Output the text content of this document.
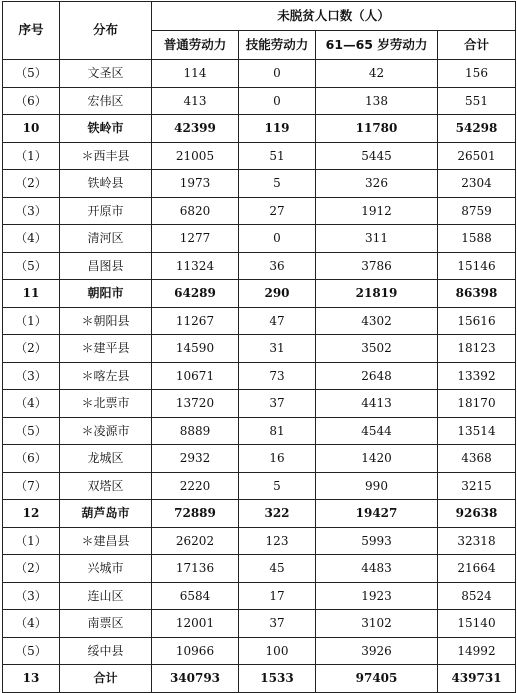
序号	分布	未脱贫人口数（人）			
		普通劳动力	技能劳动力	61—65 岁劳动力	合计
（5）	文圣区	114	0	42	156
（6）	宏伟区	413	0	138	551
10	铁岭市	42399	119	11780	54298
（1）	＊西丰县	21005	51	5445	26501
（2）	铁岭县	1973	5	326	2304
（3）	开原市	6820	27	1912	8759
（4）	清河区	1277	0	311	1588
（5）	昌图县	11324	36	3786	15146
11	朝阳市	64289	290	21819	86398
（1）	＊朝阳县	11267	47	4302	15616
（2）	＊建平县	14590	31	3502	18123
（3）	＊喀左县	10671	73	2648	13392
（4）	＊北票市	13720	37	4413	18170
（5）	＊凌源市	8889	81	4544	13514
（6）	龙城区	2932	16	1420	4368
（7）	双塔区	2220	5	990	3215
12	葫芦岛市	72889	322	19427	92638
（1）	＊建昌县	26202	123	5993	32318
（2）	兴城市	17136	45	4483	21664
（3）	连山区	6584	17	1923	8524
（4）	南票区	12001	37	3102	15140
（5）	绥中县	10966	100	3926	14992
13	合计	340793	1533	97405	439731
